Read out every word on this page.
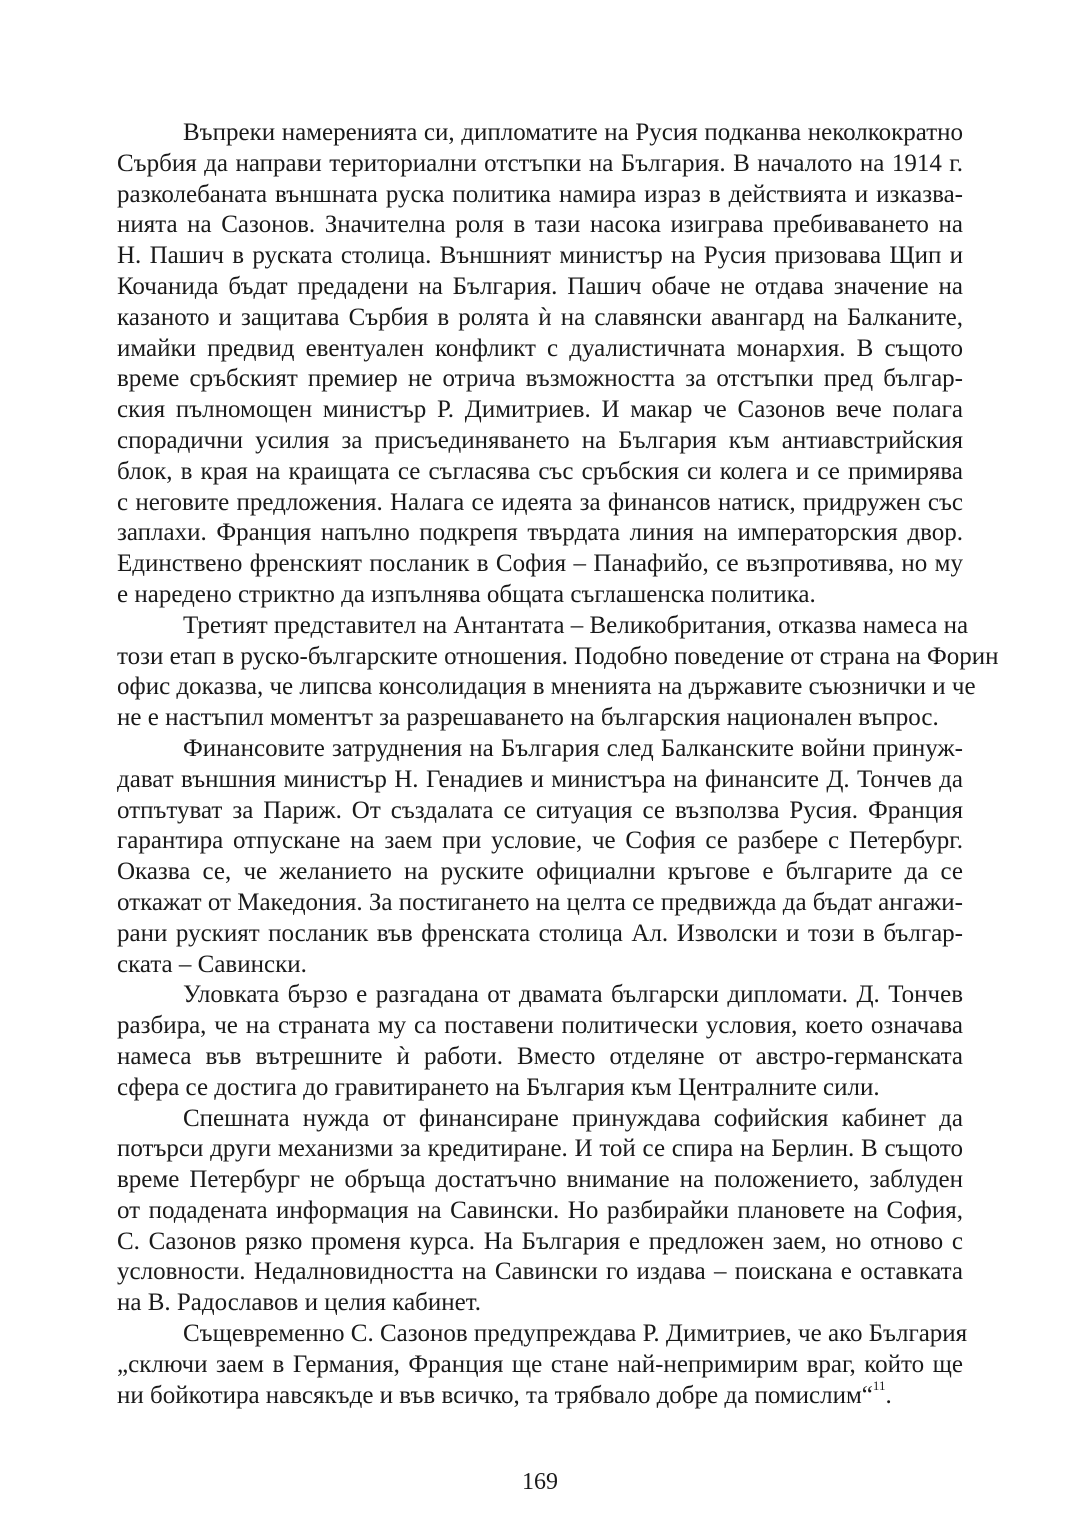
Въпреки намеренията си, дипломатите на Русия подканва неколкократно
Сърбия да направи териториални отстъпки на България. В началото на 1914 г.
разколебаната външната руска политика намира израз в действията и изказва-
нията на Сазонов. Значителна роля в тази насока изиграва пребиваването на
Н. Пашич в руската столица. Външният министър на Русия призовава Щип и
Кочанида бъдат предадени на България. Пашич обаче не отдава значение на
казаното и защитава Сърбия в ролята ѝ на славянски авангард на Балканите,
имайки предвид евентуален конфликт с дуалистичната монархия. В същото
време сръбският премиер не отрича възможността за отстъпки пред българ-
ския пълномощен министър Р. Димитриев. И макар че Сазонов вече полага
спорадични усилия за присъединяването на България към антиавстрийския
блок, в края на краищата се съгласява със сръбския си колега и се примирява
с неговите предложения. Налага се идеята за финансов натиск, придружен със
заплахи. Франция напълно подкрепя твърдата линия на императорския двор.
Единствено френският посланик в София – Панафийо, се възпротивява, но му
е наредено стриктно да изпълнява общата съглашенска политика.
Третият представител на Антантата – Великобритания, отказва намеса на
този етап в руско-българските отношения. Подобно поведение от страна на Форин
офис доказва, че липсва консолидация в мненията на държавите съюзнички и че
не е настъпил моментът за разрешаването на българския национален въпрос.
Финансовите затруднения на България след Балканските войни принуж-
дават външния министър Н. Генадиев и министъра на финансите Д. Тончев да
отпътуват за Париж. От създалата се ситуация се възползва Русия. Франция
гарантира отпускане на заем при условие, че София се разбере с Петербург.
Оказва се, че желанието на руските официални кръгове е българите да се
откажат от Македония. За постигането на целта се предвижда да бъдат ангажи-
рани руският посланик във френската столица Ал. Изволски и този в българ-
ската – Савински.
Уловката бързо е разгадана от двамата български дипломати. Д. Тончев
разбира, че на страната му са поставени политически условия, което означава
намеса във вътрешните ѝ работи. Вместо отделяне от австро-германската
сфера се достига до гравитирането на България към Централните сили.
Спешната нужда от финансиране принуждава софийския кабинет да
потърси други механизми за кредитиране. И той се спира на Берлин. В същото
време Петербург не обръща достатъчно внимание на положението, заблуден
от подадената информация на Савински. Но разбирайки плановете на София,
С. Сазонов рязко променя курса. На България е предложен заем, но отново с
условности. Недалновидността на Савински го издава – поискана е оставката
на В. Радославов и целия кабинет.
Същевременно С. Сазонов предупреждава Р. Димитриев, че ако България
„сключи заем в Германия, Франция ще стане най-непримирим враг, който ще
ни бойкотира навсякъде и във всичко, та трябвало добре да помислим“$^{11}$.
169
